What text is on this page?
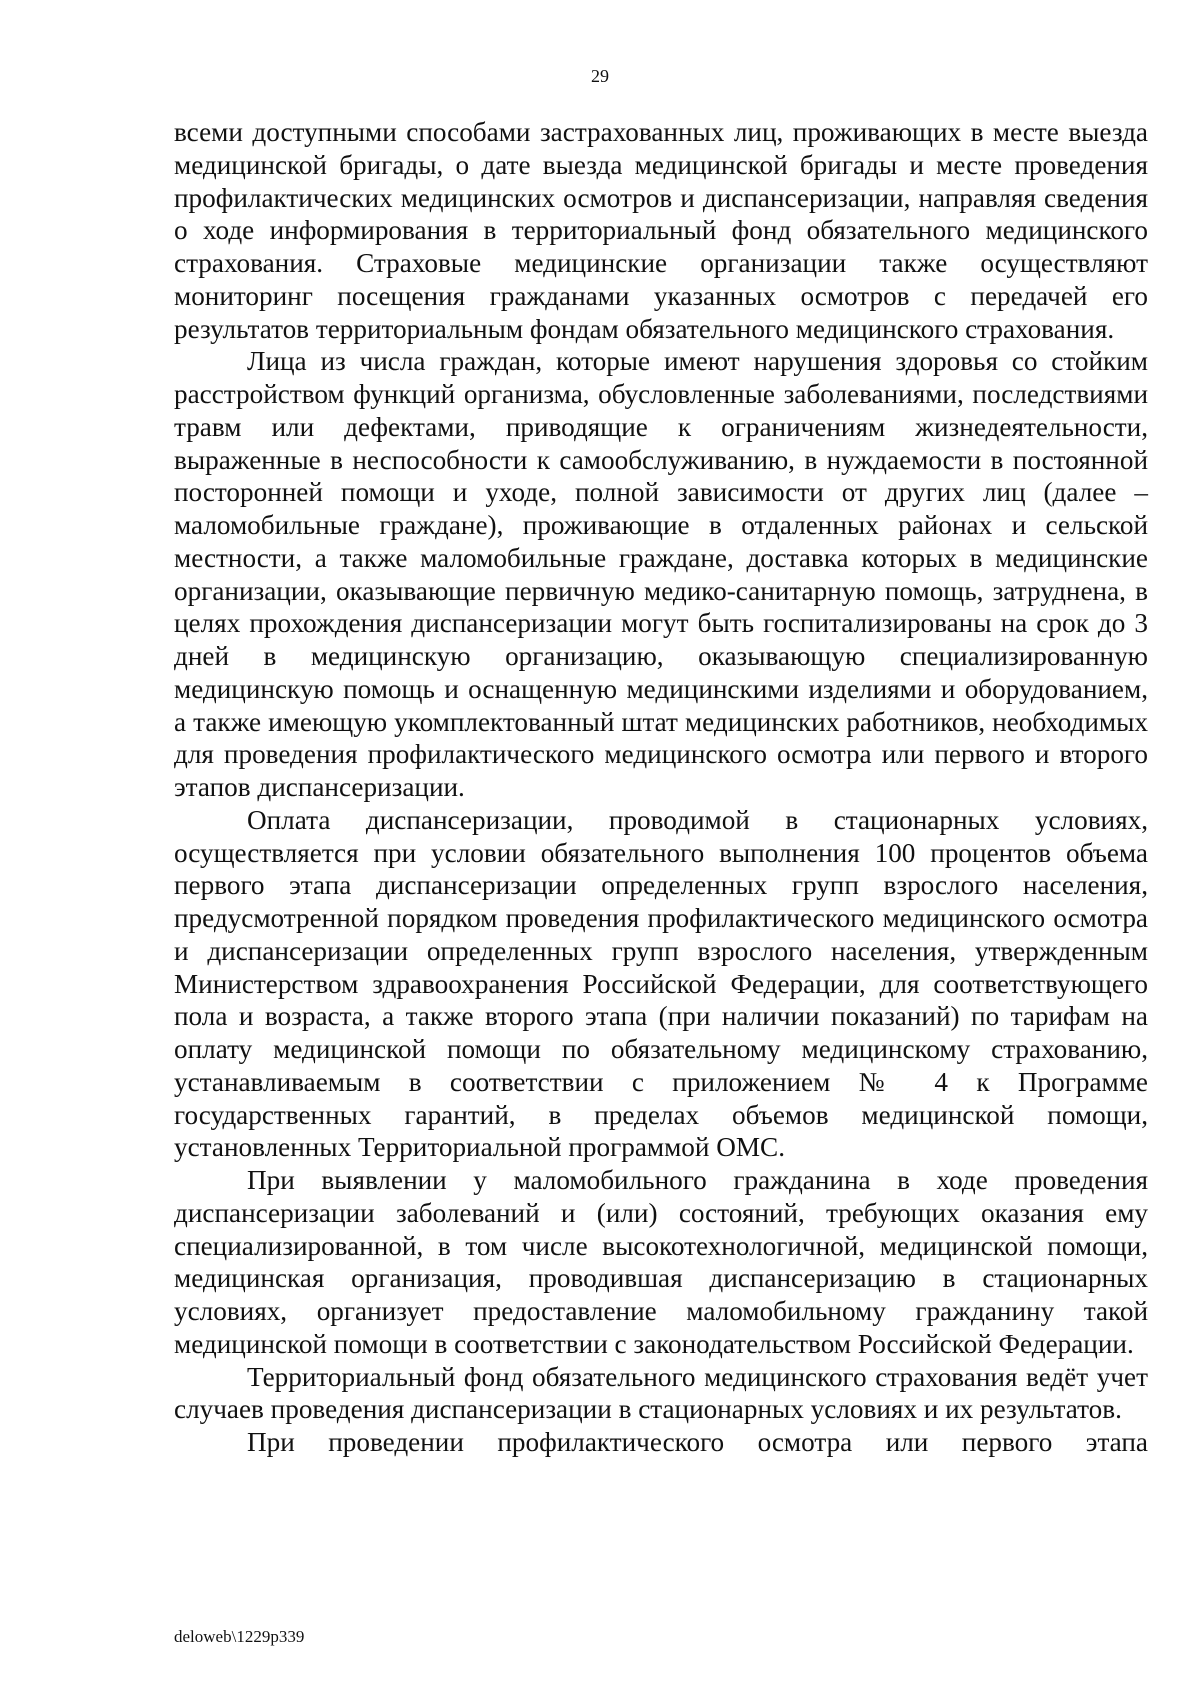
29

всеми доступными способами застрахованных лиц, проживающих в месте выезда медицинской бригады, о дате выезда медицинской бригады и месте проведения профилактических медицинских осмотров и диспансеризации, направляя сведения о ходе информирования в территориальный фонд обязательного медицинского страхования. Страховые медицинские организации также осуществляют мониторинг посещения гражданами указанных осмотров с передачей его результатов территориальным фондам обязательного медицинского страхования.

Лица из числа граждан, которые имеют нарушения здоровья со стойким расстройством функций организма, обусловленные заболеваниями, последствиями травм или дефектами, приводящие к ограничениям жизнедеятельности, выраженные в неспособности к самообслуживанию, в нуждаемости в постоянной посторонней помощи и уходе, полной зависимости от других лиц (далее – маломобильные граждане), проживающие в отдаленных районах и сельской местности, а также маломобильные граждане, доставка которых в медицинские организации, оказывающие первичную медико-санитарную помощь, затруднена, в целях прохождения диспансеризации могут быть госпитализированы на срок до 3 дней в медицинскую организацию, оказывающую специализированную медицинскую помощь и оснащенную медицинскими изделиями и оборудованием, а также имеющую укомплектованный штат медицинских работников, необходимых для проведения профилактического медицинского осмотра или первого и второго этапов диспансеризации.

Оплата диспансеризации, проводимой в стационарных условиях, осуществляется при условии обязательного выполнения 100 процентов объема первого этапа диспансеризации определенных групп взрослого населения, предусмотренной порядком проведения профилактического медицинского осмотра и диспансеризации определенных групп взрослого населения, утвержденным Министерством здравоохранения Российской Федерации, для соответствующего пола и возраста, а также второго этапа (при наличии показаний) по тарифам на оплату медицинской помощи по обязательному медицинскому страхованию, устанавливаемым в соответствии с приложением № 4 к Программе государственных гарантий, в пределах объемов медицинской помощи, установленных Территориальной программой ОМС.

При выявлении у маломобильного гражданина в ходе проведения диспансеризации заболеваний и (или) состояний, требующих оказания ему специализированной, в том числе высокотехнологичной, медицинской помощи, медицинская организация, проводившая диспансеризацию в стационарных условиях, организует предоставление маломобильному гражданину такой медицинской помощи в соответствии с законодательством Российской Федерации.

Территориальный фонд обязательного медицинского страхования ведёт учет случаев проведения диспансеризации в стационарных условиях и их результатов.

При проведении профилактического осмотра или первого этапа

deloweb\1229p339
